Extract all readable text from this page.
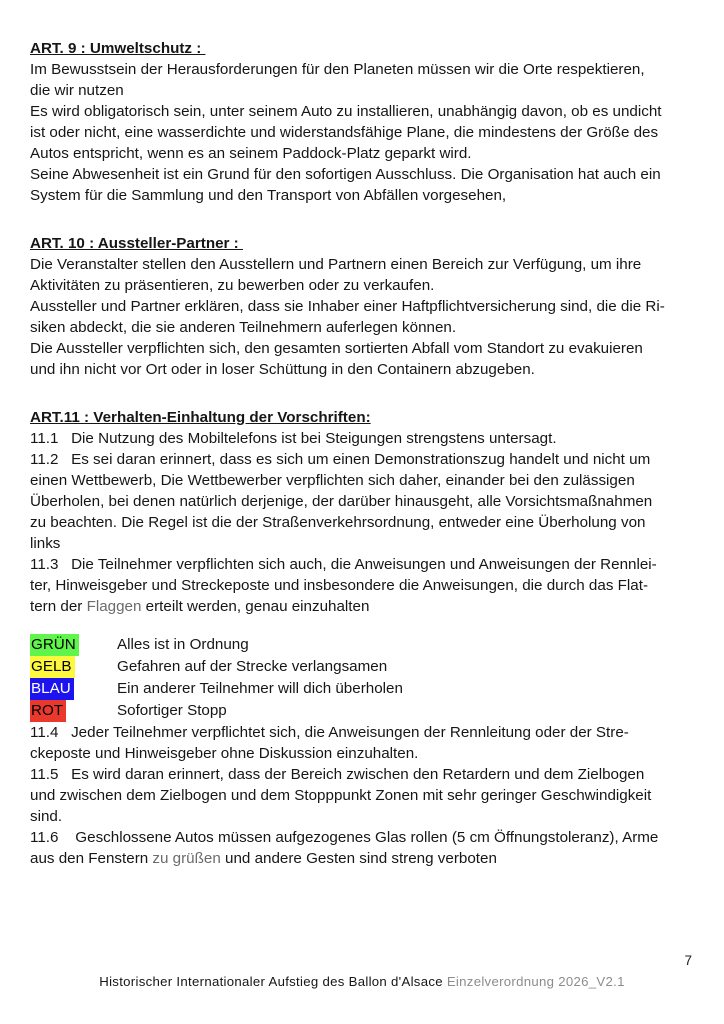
ART. 9 : Umweltschutz :
Im Bewusstsein der Herausforderungen für den Planeten müssen wir die Orte respektieren,
die wir nutzen
Es wird obligatorisch sein, unter seinem Auto zu installieren, unabhängig davon, ob es undicht
ist oder nicht, eine wasserdichte und widerstandsfähige Plane, die mindestens der Größe des
Autos entspricht, wenn es an seinem Paddock-Platz geparkt wird.
Seine Abwesenheit ist ein Grund für den sofortigen Ausschluss. Die Organisation hat auch ein
System für die Sammlung und den Transport von Abfällen vorgesehen,
ART. 10 : Aussteller-Partner :
Die Veranstalter stellen den Ausstellern und Partnern einen Bereich zur Verfügung, um ihre
Aktivitäten zu präsentieren, zu bewerben oder zu verkaufen.
Aussteller und Partner erklären, dass sie Inhaber einer Haftpflichtversicherung sind, die die Ri-
siken abdeckt, die sie anderen Teilnehmern auferlegen können.
Die Aussteller verpflichten sich, den gesamten sortierten Abfall vom Standort zu evakuieren
und ihn nicht vor Ort oder in loser Schüttung in den Containern abzugeben.
ART.11 : Verhalten-Einhaltung der Vorschriften:
11.1   Die Nutzung des Mobiltelefons ist bei Steigungen strengstens untersagt.
11.2   Es sei daran erinnert, dass es sich um einen Demonstrationszug handelt und nicht um
einen Wettbewerb, Die Wettbewerber verpflichten sich daher, einander bei den zulässigen
Überholen, bei denen natürlich derjenige, der darüber hinausgeht, alle Vorsichtsmaßnahmen
zu beachten. Die Regel ist die der Straßenverkehrsordnung, entweder eine Überholung von
links
11.3   Die Teilnehmer verpflichten sich auch, die Anweisungen und Anweisungen der Rennlei-
ter, Hinweisgeber und Streckeposte und insbesondere die Anweisungen, die durch das Flat-
tern der Flaggen erteilt werden, genau einzuhalten
GRÜN	Alles ist in Ordnung
GELB	Gefahren auf der Strecke verlangsamen
BLAU	Ein anderer Teilnehmer will dich überholen
ROT	Sofortiger Stopp
11.4   Jeder Teilnehmer verpflichtet sich, die Anweisungen der Rennleitung oder der Stre-
ckeposte und Hinweisgeber ohne Diskussion einzuhalten.
11.5   Es wird daran erinnert, dass der Bereich zwischen den Retardern und dem Zielbogen
und zwischen dem Zielbogen und dem Stopppunkt Zonen mit sehr geringer Geschwindigkeit
sind.
11.6    Geschlossene Autos müssen aufgezogenes Glas rollen (5 cm Öffnungstoleranz), Arme
aus den Fenstern zu grüßen und andere Gesten sind streng verboten
7
Historischer Internationaler Aufstieg des Ballon d'Alsace Einzelverordnung 2026_V2.1
